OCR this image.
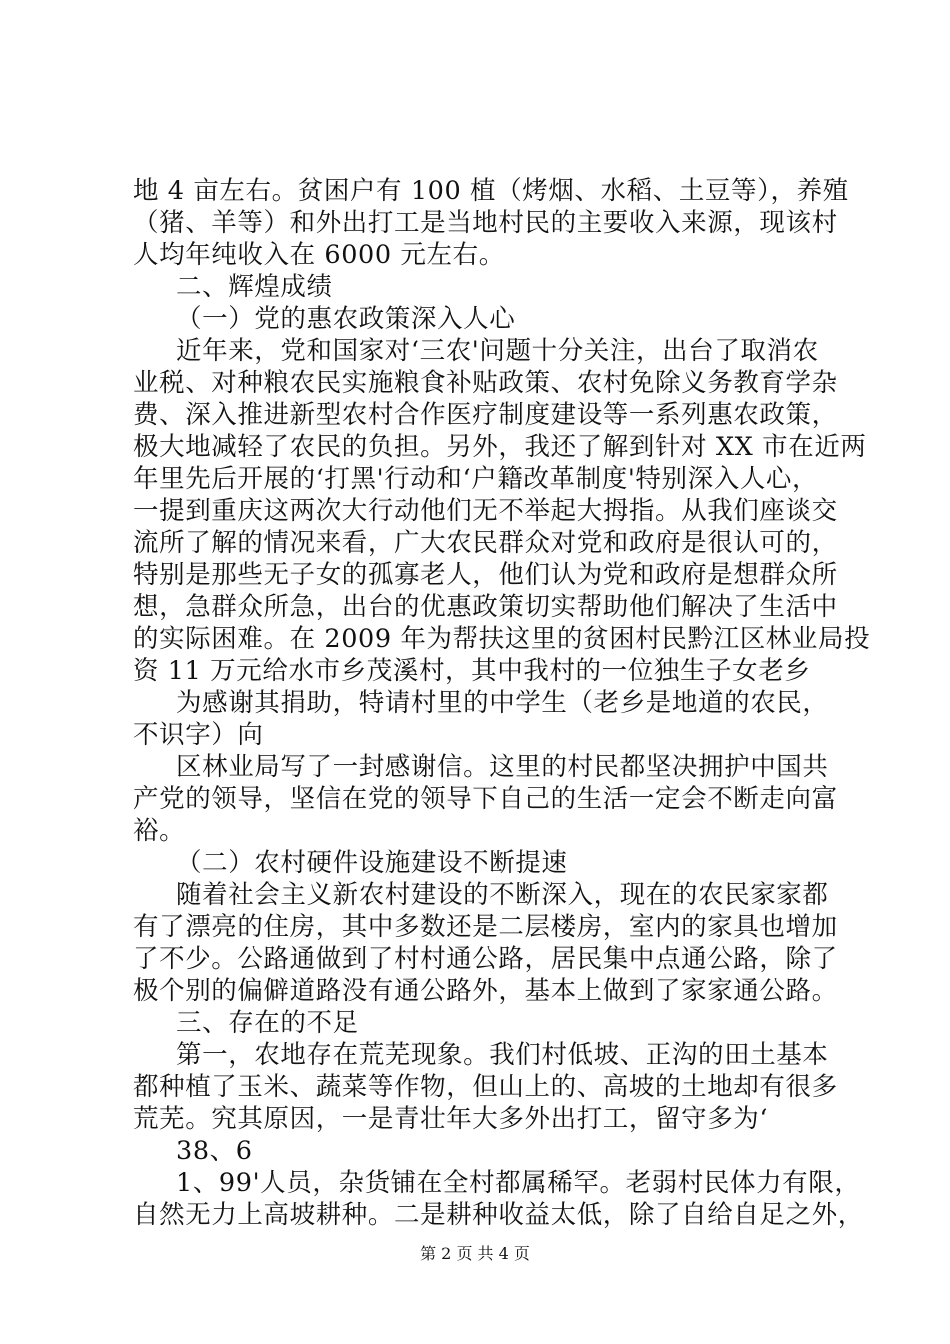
地 4 亩左右。贫困户有 100 植（烤烟、水稻、土豆等），养殖
（猪、羊等）和外出打工是当地村民的主要收入来源，现该村
人均年纯收入在 6000 元左右。
二、辉煌成绩
（一）党的惠农政策深入人心
近年来，党和国家对‘三农'问题十分关注，出台了取消农
业税、对种粮农民实施粮食补贴政策、农村免除义务教育学杂
费、深入推进新型农村合作医疗制度建设等一系列惠农政策，
极大地减轻了农民的负担。另外，我还了解到针对 XX 市在近两
年里先后开展的‘打黑'行动和‘户籍改革制度'特别深入人心，
一提到重庆这两次大行动他们无不举起大拇指。从我们座谈交
流所了解的情况来看，广大农民群众对党和政府是很认可的，
特别是那些无子女的孤寡老人，他们认为党和政府是想群众所
想，急群众所急，出台的优惠政策切实帮助他们解决了生活中
的实际困难。在 2009 年为帮扶这里的贫困村民黔江区林业局投
资 11 万元给水市乡茂溪村，其中我村的一位独生子女老乡
为感谢其捐助，特请村里的中学生（老乡是地道的农民，
不识字）向
区林业局写了一封感谢信。这里的村民都坚决拥护中国共
产党的领导，坚信在党的领导下自己的生活一定会不断走向富
裕。
（二）农村硬件设施建设不断提速
随着社会主义新农村建设的不断深入，现在的农民家家都
有了漂亮的住房，其中多数还是二层楼房，室内的家具也增加
了不少。公路通做到了村村通公路，居民集中点通公路，除了
极个别的偏僻道路没有通公路外，基本上做到了家家通公路。
三、存在的不足
第一，农地存在荒芜现象。我们村低坡、正沟的田土基本
都种植了玉米、蔬菜等作物，但山上的、高坡的土地却有很多
荒芜。究其原因，一是青壮年大多外出打工，留守多为‘
38、6
1、99'人员，杂货铺在全村都属稀罕。老弱村民体力有限，
自然无力上高坡耕种。二是耕种收益太低，除了自给自足之外，
第 2 页 共 4 页
